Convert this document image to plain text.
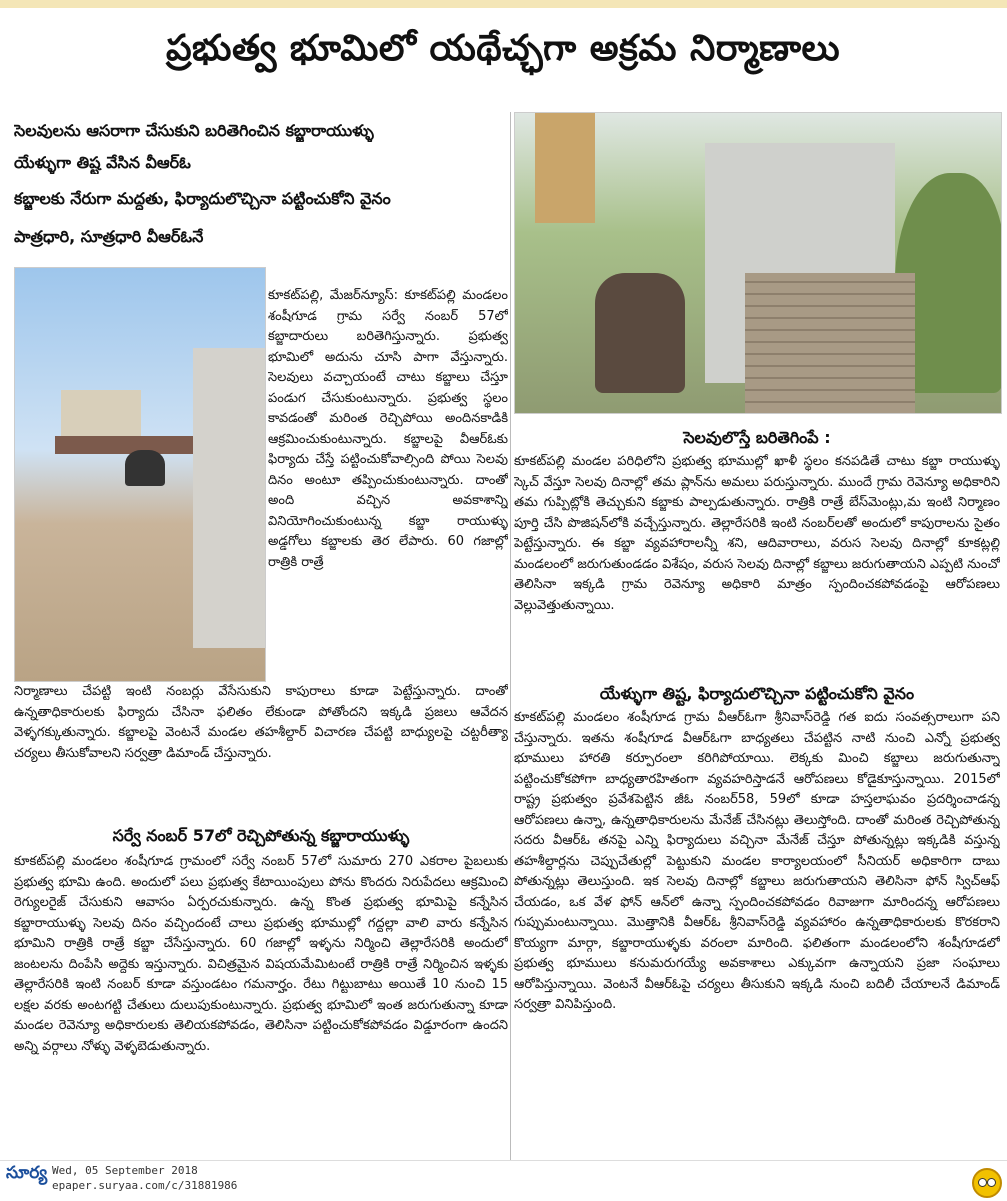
ప్రభుత్వ భూమిలో యథేచ్ఛగా అక్రమ నిర్మాణాలు
సెలవులను ఆసరాగా చేసుకుని బరితెగించిన కబ్జారాయుళ్ళు
యేళ్ళుగా తిష్ట వేసిన వీఆర్ఓ
కబ్జాలకు నేరుగా మద్దతు, ఫిర్యాదులొచ్చినా పట్టించుకోని వైనం
పాత్రధారి, సూత్రధారి వీఆర్ఓనే

కూకట్‌పల్లి, మేజర్‌న్యూస్: కూకట్‌పల్లి మండలం శంషీగూడ గ్రామ సర్వే నంబర్ 57లో కబ్జాదారులు బరితెగిస్తున్నారు. ప్రభుత్వ భూమిలో అదును చూసి పాగా వేస్తున్నారు. సెలవులు వచ్చాయంటే చాటు కబ్జాలు చేస్తూ పండుగ చేసుకుంటున్నారు. ప్రభుత్వ స్థలం కావడంతో మరింత రెచ్చిపోయి అందినకాడికి ఆక్రమించుకుంటున్నారు. కబ్జాలపై వీఆర్ఓకు ఫిర్యాదు చేస్తే పట్టించుకోవాల్సింది పోయి సెలవు దినం అంటూ తప్పించుకుంటున్నారు. దాంతో అంది వచ్చిన అవకాశాన్ని వినియోగించుకుంటున్న కబ్జా రాయుళ్ళు అడ్డగోలు కబ్జాలకు తెర లేపారు. 60 గజాల్లో రాత్రికి రాత్రే

నిర్మాణాలు చేపట్టి ఇంటి నంబర్లు వేసేసుకుని కాపురాలు కూడా పెట్టేస్తున్నారు. దాంతో ఉన్నతాధికారులకు ఫిర్యాదు చేసినా ఫలితం లేకుండా పోతోందని ఇక్కడి ప్రజలు ఆవేదన వెళ్ళగక్కుతున్నారు. కబ్జాలపై వెంటనే మండల తహశీల్దార్ విచారణ చేపట్టి బాధ్యులపై చట్టరీత్యా చర్యలు తీసుకోవాలని సర్వత్రా డిమాండ్ చేస్తున్నారు.

సర్వే నంబర్ 57లో రెచ్చిపోతున్న కబ్జారాయుళ్ళు

కూకట్‌పల్లి మండలం శంషీగూడ గ్రామంలో సర్వే నంబర్ 57లో సుమారు 270 ఎకరాల పైబలుకు ప్రభుత్వ భూమి ఉంది. అందులో పలు ప్రభుత్వ కేటాయింపులు పోను కొందరు నిరుపేదలు ఆక్రమించి రెగ్యులరైజ్ చేసుకుని ఆవాసం ఏర్పరచుకున్నారు. ఉన్న కొంత ప్రభుత్వ భూమిపై కన్నేసిన కబ్జారాయుళ్ళు సెలవు దినం వచ్చిందంటే చాలు ప్రభుత్వ భూముల్లో గద్దల్లా వాలి వారు కన్నేసిన భూమిని రాత్రికి రాత్రే కబ్జా చేసేస్తున్నారు. 60 గజాల్లో ఇళ్ళను నిర్మించి తెల్లారేసరికి అందులో జంటలను దింపేసి అద్దెకు ఇస్తున్నారు. విచిత్రమైన విషయమేమిటంటే రాత్రికి రాత్రే నిర్మించిన ఇళ్ళకు తెల్లారేసరికి ఇంటి నంబర్ కూడా వస్తుండటం గమనార్హం. రేటు గిట్టుబాటు అయితే 10 నుంచి 15 లక్షల వరకు అంటగట్టి చేతులు దులుపుకుంటున్నారు. ప్రభుత్వ భూమిలో ఇంత జరుగుతున్నా కూడా మండల రెవెన్యూ అధికారులకు తెలియకపోవడం, తెలిసినా పట్టించుకోకపోవడం విడ్డూరంగా ఉందని అన్ని వర్గాలు నోళ్ళు వెళ్ళబెడుతున్నారు.

సెలవులొస్తే బరితెగింపే :

కూకట్‌పల్లి మండల పరిధిలోని ప్రభుత్వ భూముల్లో ఖాళీ స్థలం కనపడితే చాటు కబ్జా రాయుళ్ళు స్కెచ్ వేస్తూ సెలవు దినాల్లో తమ ప్లాన్‌ను అమలు పరుస్తున్నారు. ముందే గ్రామ రెవెన్యూ అధికారిని తమ గుప్పిట్లోకి తెచ్చుకుని కబ్జాకు పాల్పడుతున్నారు. రాత్రికి రాత్రే బేస్‌మెంట్లు,మ ఇంటి నిర్మాణం పూర్తి చేసి పొజిషన్‌లోకి వచ్చేస్తున్నారు. తెల్లారేసరికి ఇంటి నంబర్‌లతో అందులో కాపురాలను సైతం పెట్టేస్తున్నారు. ఈ కబ్జా వ్యవహారాలన్నీ శని, ఆదివారాలు, వరుస సెలవు దినాల్లో కూకట్లల్లి మండలంలో జరుగుతుండడం విశేషం, వరుస సెలవు దినాల్లో కబ్జాలు జరుగుతాయని ఎప్పటి నుంచో తెలిసినా ఇక్కడి గ్రామ రెవెన్యూ అధికారి మాత్రం స్పందించకపోవడంపై ఆరోపణలు వెల్లువెత్తుతున్నాయి.

యేళ్ళుగా తిష్ట, ఫిర్యాదులొచ్చినా పట్టించుకోని వైనం

కూకట్‌పల్లి మండలం శంషీగూడ గ్రామ వీఆర్ఓగా శ్రీనివాస్‌రెడ్డి గత ఐదు సంవత్సరాలుగా పని చేస్తున్నారు. ఇతను శంషీగూడ వీఆర్ఓగా బాధ్యతలు చేపట్టిన నాటి నుంచి ఎన్నో ప్రభుత్వ భూములు హారతి కర్పూరంలా కరిగిపోయాయి. లెక్కకు మించి కబ్జాలు జరుగుతున్నా పట్టించుకోకపోగా బాధ్యతారహితంగా వ్యవహరిస్తాడనే ఆరోపణలు కోడైకూస్తున్నాయి. 2015లో రాష్ట్ర ప్రభుత్వం ప్రవేశపెట్టిన జీఓ నంబర్58, 59లో కూడా హస్తలాఘవం ప్రదర్శించాడన్న ఆరోపణలు ఉన్నా, ఉన్నతాధికారులను మేనేజ్ చేసినట్లు తెలుస్తోంది. దాంతో మరింత రెచ్చిపోతున్న సదరు వీఆర్ఓ తనపై ఎన్ని ఫిర్యాదులు వచ్చినా మేనేజ్ చేస్తూ పోతున్నట్లు ఇక్కడికి వస్తున్న తహశీల్దార్లను చెప్పుచేతుల్లో పెట్టుకుని మండల కార్యాలయంలో సీనియర్ అధికారిగా దాబు పోతున్నట్లు తెలుస్తుంది. ఇక సెలవు దినాల్లో కబ్జాలు జరుగుతాయని తెలిసినా ఫోన్ స్విచ్ఆఫ్ చేయడం, ఒక వేళ ఫోన్ ఆన్‌లో ఉన్నా స్పందించకపోవడం రివాజుగా మారిందన్న ఆరోపణలు గుప్పుమంటున్నాయి. మొత్తానికి వీఆర్ఓ శ్రీనివాస్‌రెడ్డి వ్యవహారం ఉన్నతాధికారులకు కొరకరాని కొయ్యగా మార్గా, కబ్జారాయుళ్ళకు వరంలా మారింది. ఫలితంగా మండలంలోని శంషీగూడలో ప్రభుత్వ భూములు కనుమరుగయ్యే అవకాశాలు ఎక్కువగా ఉన్నాయని ప్రజా సంఘాలు ఆరోపిస్తున్నాయి. వెంటనే వీఆర్ఓపై చర్యలు తీసుకుని ఇక్కడి నుంచి బదిలీ చేయాలనే డిమాండ్ సర్వత్రా వినిపిస్తుంది.

సూర్య Wed, 05 September 2018
epaper.suryaa.com/c/31881986
